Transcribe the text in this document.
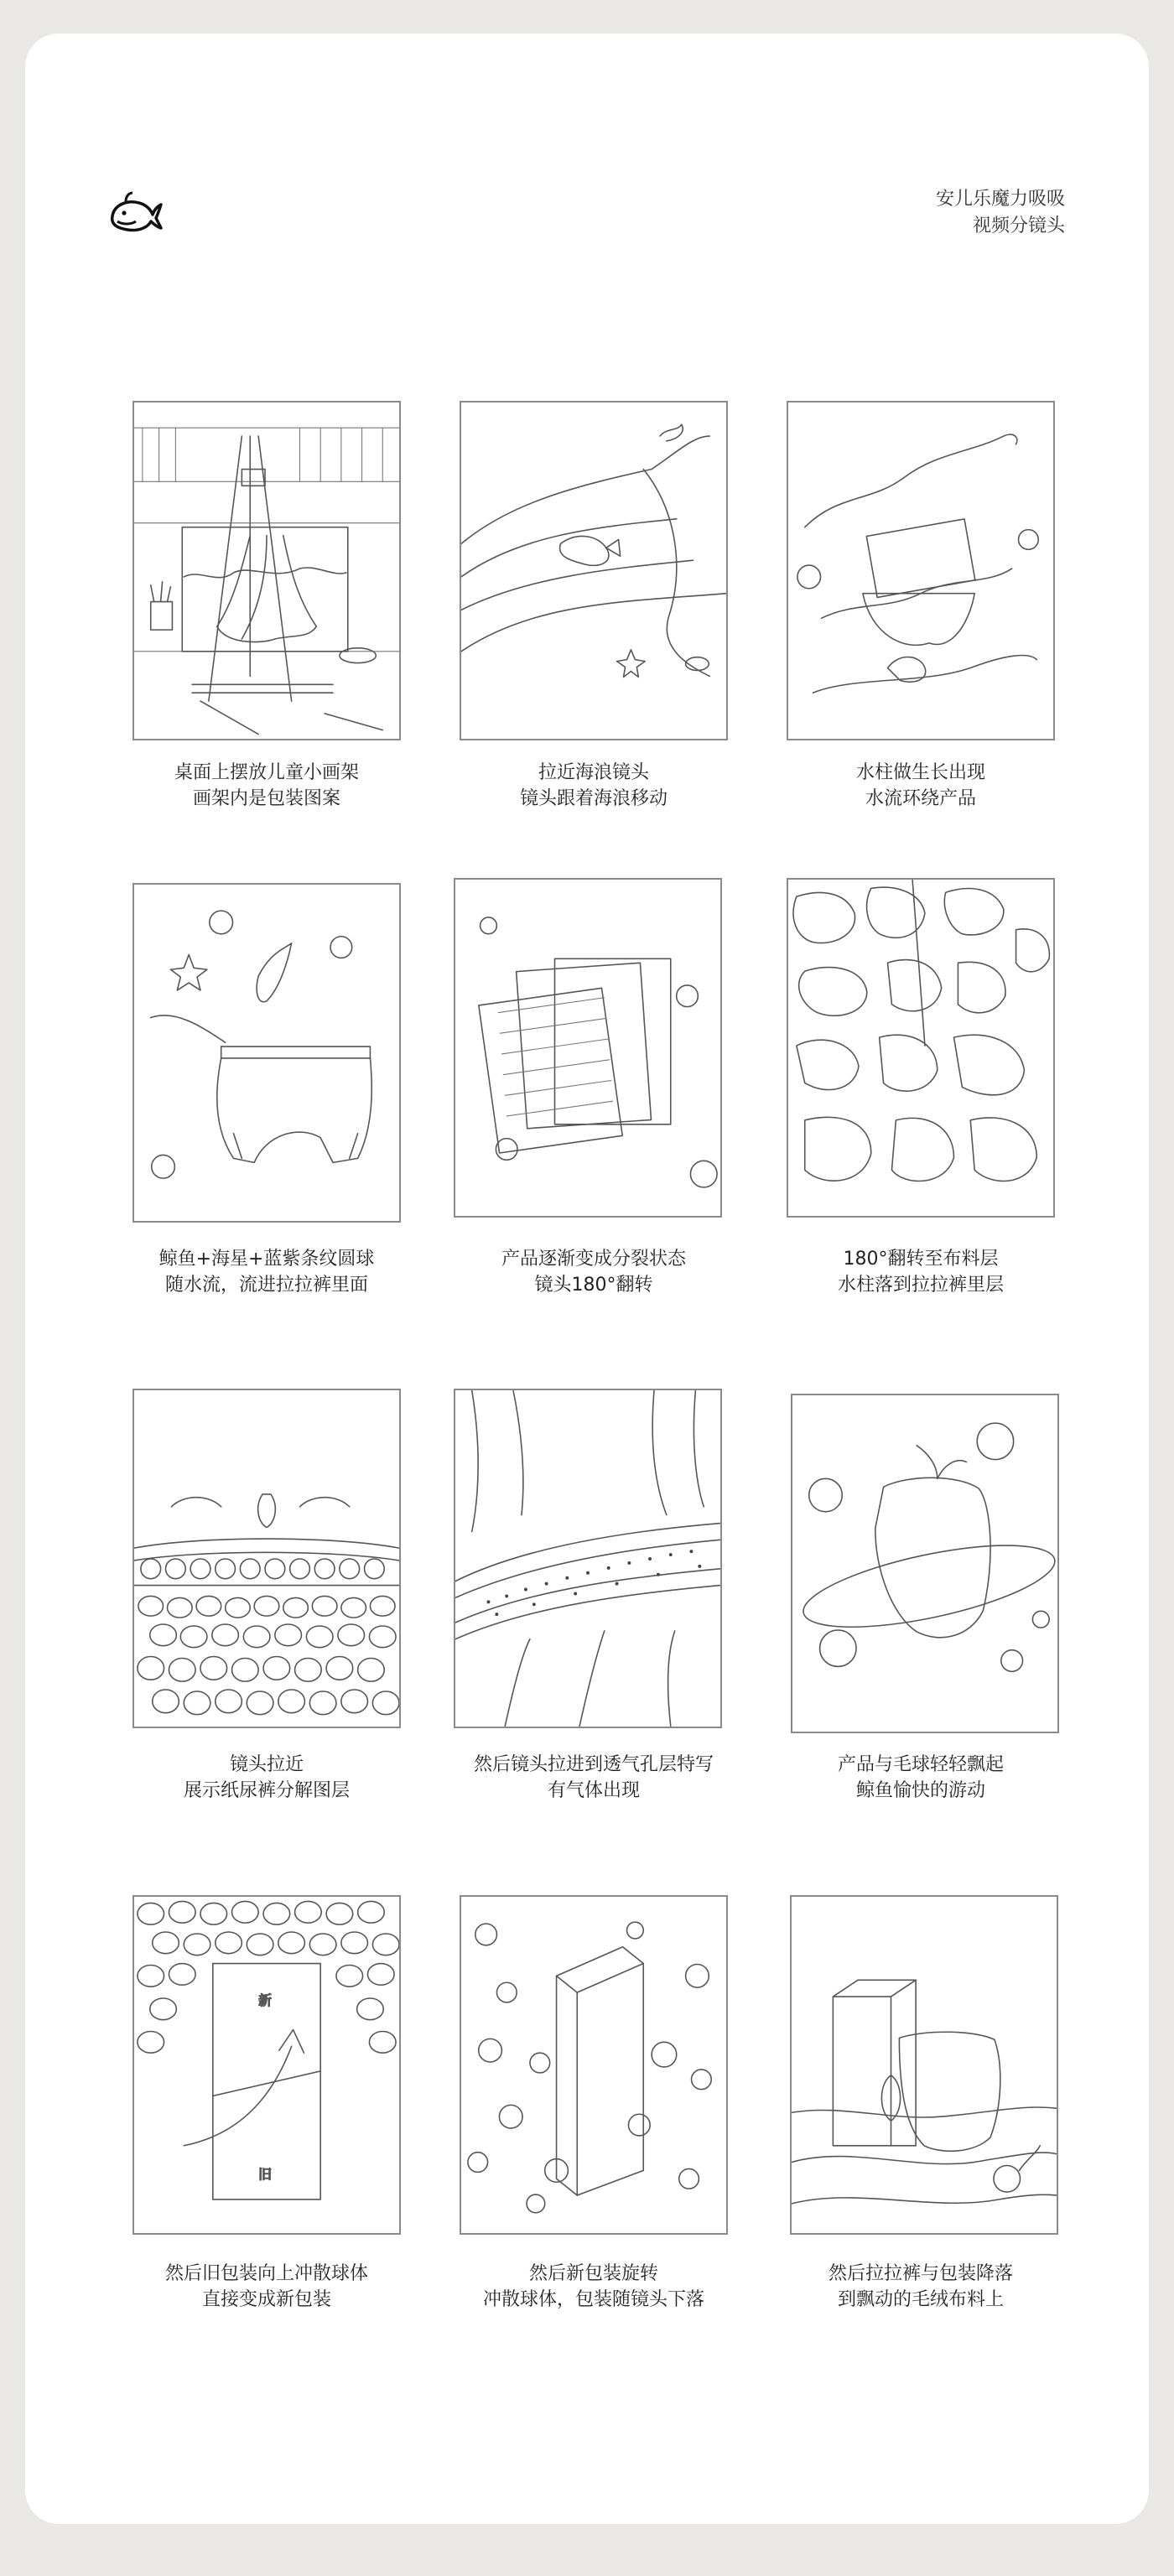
安儿乐魔力吸吸
视频分镜头
桌面上摆放儿童小画架
画架内是包装图案
拉近海浪镜头
镜头跟着海浪移动
水柱做生长出现
水流环绕产品
鲸鱼+海星+蓝紫条纹圆球
随水流，流进拉拉裤里面
产品逐渐变成分裂状态
镜头180°翻转
180°翻转至布料层
水柱落到拉拉裤里层
镜头拉近
展示纸尿裤分解图层
然后镜头拉进到透气孔层特写
有气体出现
产品与毛球轻轻飘起
鲸鱼愉快的游动
新
旧
然后旧包装向上冲散球体
直接变成新包装
然后新包装旋转
冲散球体，包装随镜头下落
然后拉拉裤与包装降落
到飘动的毛绒布料上
